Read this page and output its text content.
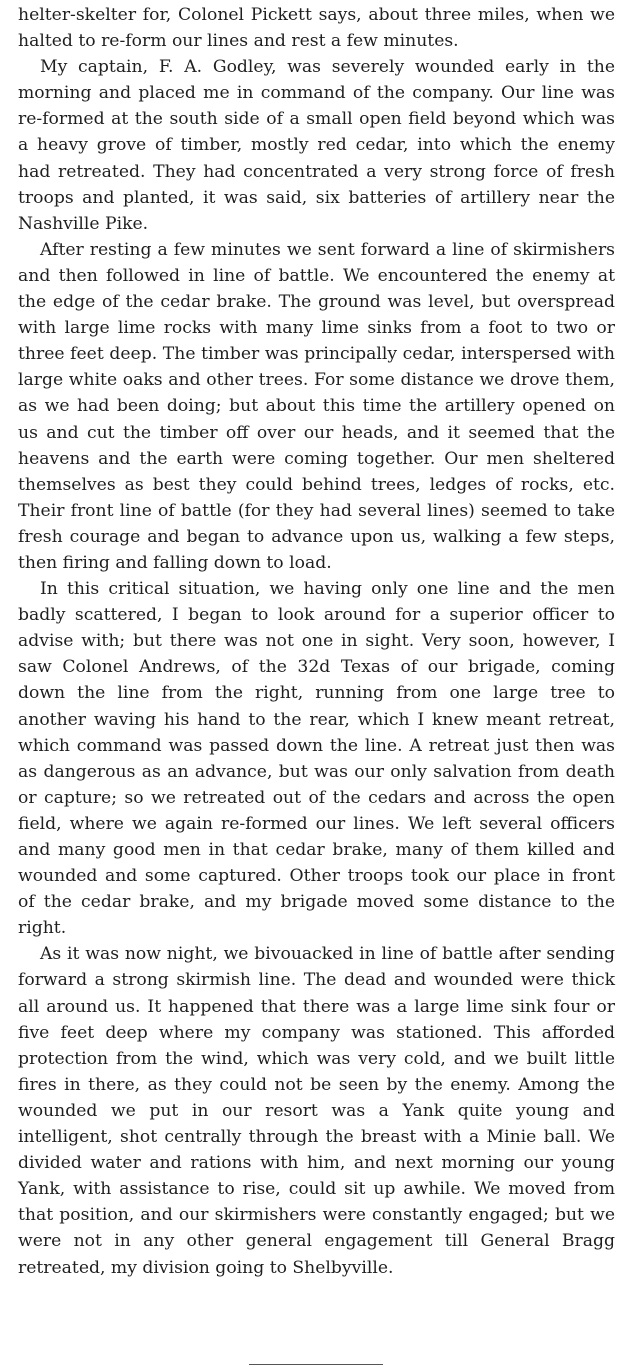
helter-skelter for, Colonel Pickett says, about three miles, when we halted to re-form our lines and rest a few minutes.

My captain, F. A. Godley, was severely wounded early in the morning and placed me in command of the company. Our line was re-formed at the south side of a small open field beyond which was a heavy grove of timber, mostly red cedar, into which the enemy had retreated. They had concentrated a very strong force of fresh troops and planted, it was said, six batteries of artillery near the Nashville Pike.

After resting a few minutes we sent forward a line of skirmishers and then followed in line of battle. We encountered the enemy at the edge of the cedar brake. The ground was level, but overspread with large lime rocks with many lime sinks from a foot to two or three feet deep. The timber was principally cedar, interspersed with large white oaks and other trees. For some distance we drove them, as we had been doing; but about this time the artillery opened on us and cut the timber off over our heads, and it seemed that the heavens and the earth were coming together. Our men sheltered themselves as best they could behind trees, ledges of rocks, etc. Their front line of battle (for they had several lines) seemed to take fresh courage and began to advance upon us, walking a few steps, then firing and falling down to load.

In this critical situation, we having only one line and the men badly scattered, I began to look around for a superior officer to advise with; but there was not one in sight. Very soon, however, I saw Colonel Andrews, of the 32d Texas of our brigade, coming down the line from the right, running from one large tree to another waving his hand to the rear, which I knew meant retreat, which command was passed down the line. A retreat just then was as dangerous as an advance, but was our only salvation from death or capture; so we retreated out of the cedars and across the open field, where we again re-formed our lines. We left several officers and many good men in that cedar brake, many of them killed and wounded and some captured. Other troops took our place in front of the cedar brake, and my brigade moved some distance to the right.

As it was now night, we bivouacked in line of battle after sending forward a strong skirmish line. The dead and wounded were thick all around us. It happened that there was a large lime sink four or five feet deep where my company was stationed. This afforded protection from the wind, which was very cold, and we built little fires in there, as they could not be seen by the enemy. Among the wounded we put in our resort was a Yank quite young and intelligent, shot centrally through the breast with a Minie ball. We divided water and rations with him, and next morning our young Yank, with assistance to rise, could sit up awhile. We moved from that position, and our skirmishers were constantly engaged; but we were not in any other general engagement till General Bragg retreated, my division going to Shelbyville.
